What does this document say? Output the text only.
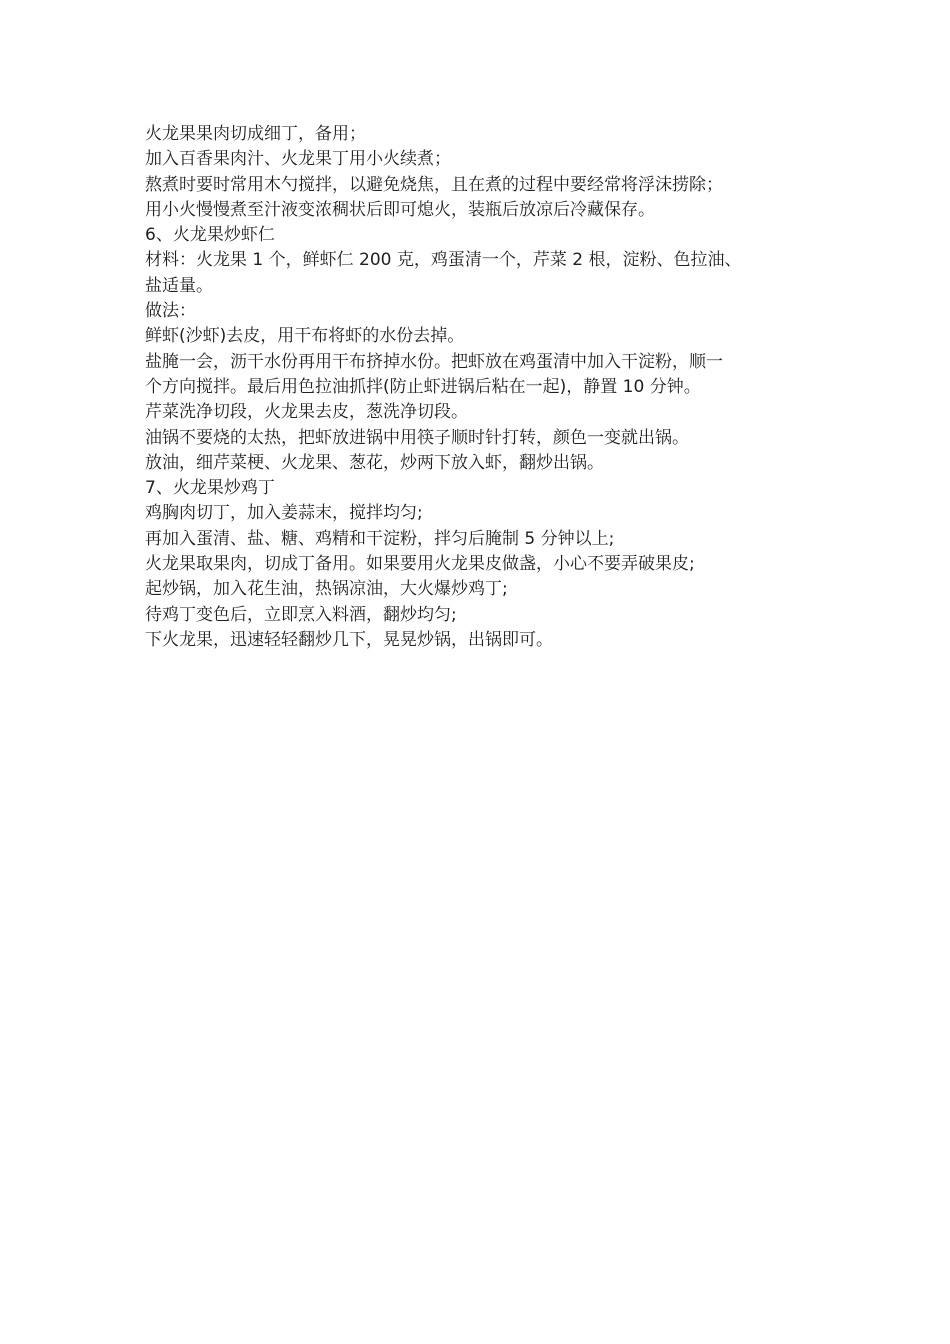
火龙果果肉切成细丁，备用；

加入百香果肉汁、火龙果丁用小火续煮；

熬煮时要时常用木勺搅拌，以避免烧焦，且在煮的过程中要经常将浮沫捞除；

用小火慢慢煮至汁液变浓稠状后即可熄火，装瓶后放凉后冷藏保存。

6、火龙果炒虾仁

材料：火龙果 1 个，鲜虾仁 200 克，鸡蛋清一个，芹菜 2 根，淀粉、色拉油、

盐适量。

做法：

鲜虾(沙虾)去皮，用干布将虾的水份去掉。

盐腌一会，沥干水份再用干布挤掉水份。把虾放在鸡蛋清中加入干淀粉，顺一

个方向搅拌。最后用色拉油抓拌(防止虾进锅后粘在一起)，静置 10 分钟。

芹菜洗净切段，火龙果去皮，葱洗净切段。

油锅不要烧的太热，把虾放进锅中用筷子顺时针打转，颜色一变就出锅。

放油，细芹菜梗、火龙果、葱花，炒两下放入虾，翻炒出锅。

7、火龙果炒鸡丁

鸡胸肉切丁，加入姜蒜末，搅拌均匀;

再加入蛋清、盐、糖、鸡精和干淀粉，拌匀后腌制 5 分钟以上;

火龙果取果肉，切成丁备用。如果要用火龙果皮做盏，小心不要弄破果皮;

起炒锅，加入花生油，热锅凉油，大火爆炒鸡丁;

待鸡丁变色后，立即烹入料酒，翻炒均匀;

下火龙果，迅速轻轻翻炒几下，晃晃炒锅，出锅即可。
